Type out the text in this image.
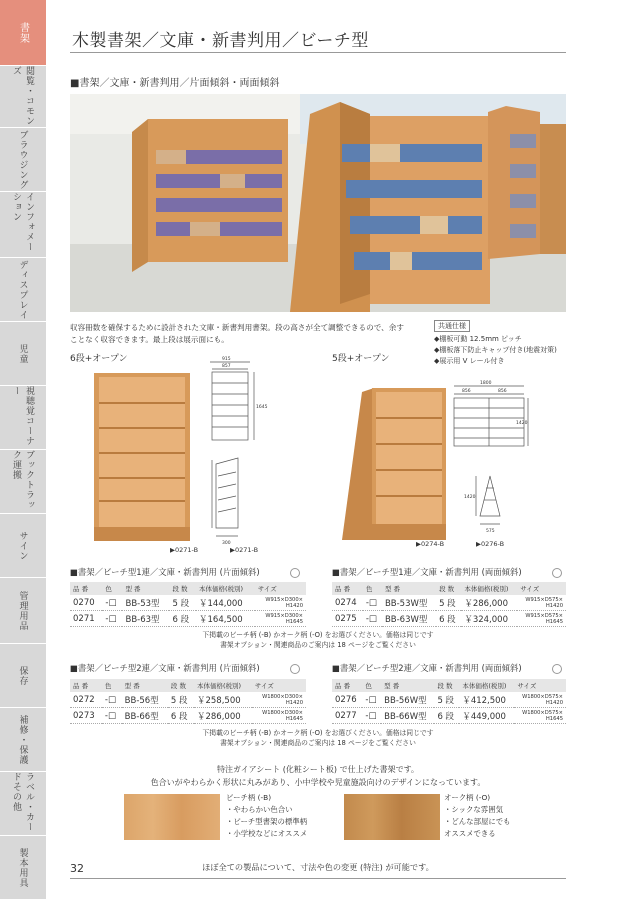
書架
閲覧・コモンズ
ブラウジング
インフォメーション
ディスプレイ
児童
視聴覚コーナー
ブックトラック運搬
サイン
管理用品
保存
補修・保護
ラベル・カードその他
製本用具
木製書架／文庫・新書判用／ビーチ型
■書架／文庫・新書判用／片面傾斜・両面傾斜
収容冊数を確保するために設計された文庫・新書判用書架。段の高さが全て調整できるので、余すことなく収容できます。最上段は展示面にも。
共通仕様
◆棚板可動 12.5mm ピッチ
◆棚板落下防止キャップ付き(地震対策)
◆展示用 V レール付き
6段+オープン	5段+オープン
915
857
1645
300
▶0271-B	▶0271-B
1800
856	856
1420
1420
575
▶0274-B	▶0276-B
■書架／ビーチ型1連／文庫・新書判用 (片面傾斜)
品 番	色	型 番	段 数	本体価格(税別)	サイズ
0270	-□	BB-53型	5 段	￥144,000	W915×D300×
H1420

0271	-□	BB-63型	6 段	￥164,500	W915×D300×
H1645
■書架／ビーチ型1連／文庫・新書判用 (両面傾斜)
品 番	色	型 番	段 数	本体価格(税別)	サイズ
0274	-□	BB-53W型	5 段	￥286,000	W915×D575×
H1420

0275	-□	BB-63W型	6 段	￥324,000	W915×D575×
H1645
下掲載のビーチ柄 (-B) かオーク柄 (-O) をお選びください。価格は同じです
書架オプション・関連商品のご案内は 18 ページをご覧ください
■書架／ビーチ型2連／文庫・新書判用 (片面傾斜)
品 番	色	型 番	段 数	本体価格(税別)	サイズ
0272	-□	BB-56型	5 段	￥258,500	W1800×D300×
H1420

0273	-□	BB-66型	6 段	￥286,000	W1800×D300×
H1645
■書架／ビーチ型2連／文庫・新書判用 (両面傾斜)
品 番	色	型 番	段 数	本体価格(税別)	サイズ
0276	-□	BB-56W型	5 段	￥412,500	W1800×D575×
H1420

0277	-□	BB-66W型	6 段	￥449,000	W1800×D575×
H1645
下掲載のビーチ柄 (-B) かオーク柄 (-O) をお選びください。価格は同じです
書架オプション・関連商品のご案内は 18 ページをご覧ください
特注ガイアシート (化粧シート板) で仕上げた書架です。
色合いがやわらかく形状に丸みがあり、小中学校や児童施設向けのデザインになっています。
ビーチ柄 (-B)
・やわらかい色合い
・ビーチ型書架の標準柄
・小学校などにオススメ
オーク柄 (-O)
・シックな雰囲気
・どんな部屋にでも
オススメできる
32	ほぼ全ての製品について、寸法や色の変更 (特注) が可能です。
